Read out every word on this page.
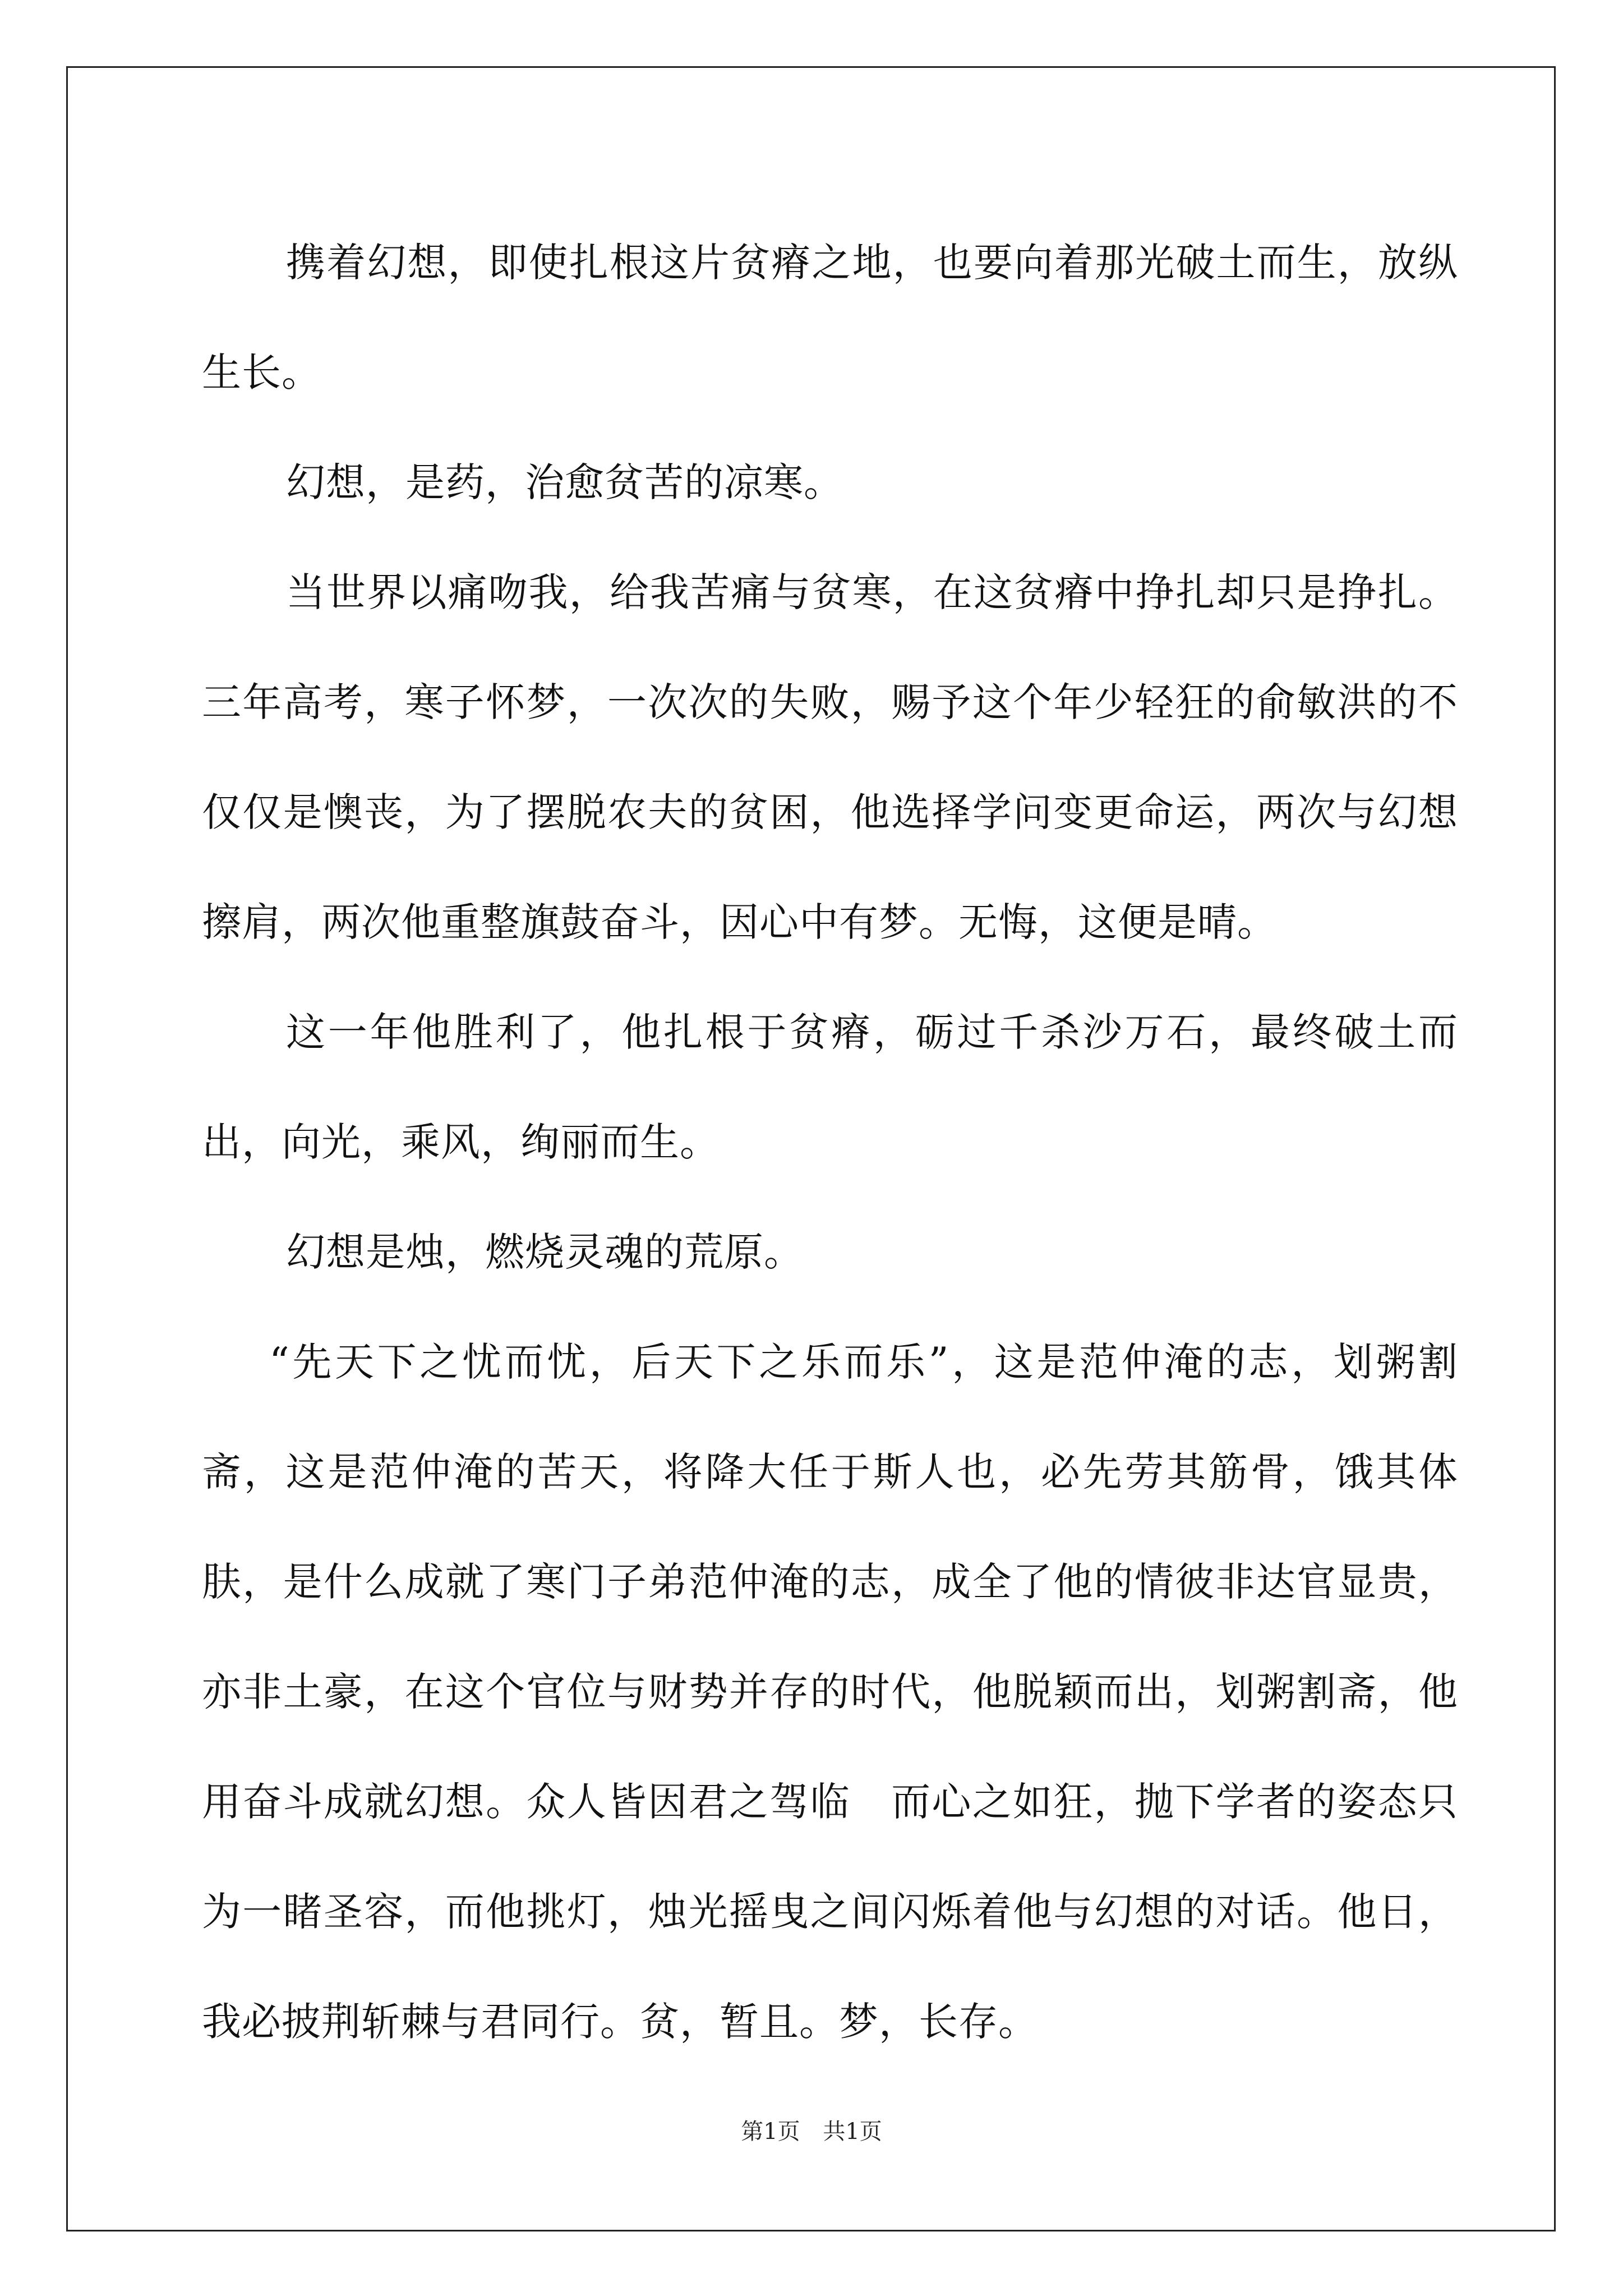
携着幻想，即使扎根这片贫瘠之地，也要向着那光破土而生，放纵生长。

幻想，是药，治愈贫苦的凉寒。

当世界以痛吻我，给我苦痛与贫寒，在这贫瘠中挣扎却只是挣扎。三年高考，寒子怀梦，一次次的失败，赐予这个年少轻狂的俞敏洪的不仅仅是懊丧，为了摆脱农夫的贫困，他选择学问变更命运，两次与幻想擦肩，两次他重整旗鼓奋斗，因心中有梦。无悔，这便是晴。

这一年他胜利了，他扎根于贫瘠，砺过千杀沙万石，最终破土而出，向光，乘风，绚丽而生。

幻想是烛，燃烧灵魂的荒原。

“先天下之忧而忧，后天下之乐而乐”，这是范仲淹的志，划粥割斋，这是范仲淹的苦天，将降大任于斯人也，必先劳其筋骨，饿其体肤，是什么成就了寒门子弟范仲淹的志，成全了他的情彼非达官显贵，亦非土豪，在这个官位与财势并存的时代，他脱颖而出，划粥割斋，他用奋斗成就幻想。众人皆因君之驾临　而心之如狂，抛下学者的姿态只为一睹圣容，而他挑灯，烛光摇曳之间闪烁着他与幻想的对话。他日，我必披荆斩棘与君同行。贫，暂且。梦，长存。

第1页 共1页
